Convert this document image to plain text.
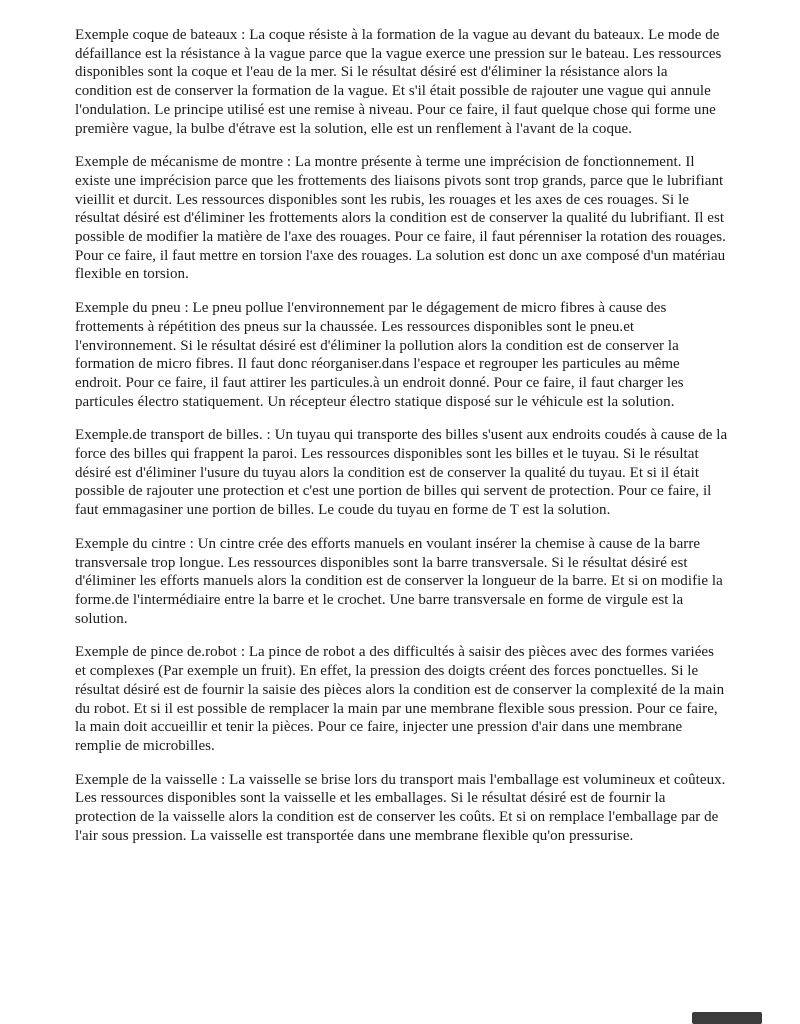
Exemple coque de bateaux : La coque résiste à la formation de la vague au devant du bateaux. Le mode de défaillance est la résistance à la vague parce que la vague exerce une pression sur le bateau. Les ressources disponibles sont la coque et l'eau de la mer. Si le résultat désiré est d'éliminer la résistance alors la condition est de conserver la formation de la vague. Et s'il était possible de rajouter une vague qui annule l'ondulation. Le principe utilisé est une remise à niveau. Pour ce faire, il faut quelque chose qui forme une première vague, la bulbe d'étrave est la solution, elle est un renflement à l'avant de la coque.

Exemple de mécanisme de montre : La montre présente à terme une imprécision de fonctionnement. Il existe une imprécision parce que les frottements des liaisons pivots sont trop grands, parce que le lubrifiant vieillit et durcit. Les ressources disponibles sont les rubis, les rouages et les axes de ces rouages. Si le résultat désiré est d'éliminer les frottements alors la condition est de conserver la qualité du lubrifiant. Il est possible de modifier la matière de l'axe des rouages. Pour ce faire, il faut pérenniser la rotation des rouages. Pour ce faire, il faut mettre en torsion l'axe des rouages. La solution est donc un axe composé d'un matériau flexible en torsion.

Exemple du pneu : Le pneu pollue l'environnement par le dégagement de micro fibres à cause des frottements à répétition des pneus sur la chaussée. Les ressources disponibles sont le pneu.et l'environnement. Si le résultat désiré est d'éliminer la pollution alors la condition est de conserver la formation de micro fibres. Il faut donc réorganiser.dans l'espace et regrouper les particules au même endroit. Pour ce faire, il faut attirer les particules.à un endroit donné. Pour ce faire, il faut charger les particules électro statiquement. Un récepteur électro statique disposé sur le véhicule est la solution.

Exemple.de transport de billes. : Un tuyau qui transporte des billes s'usent aux endroits coudés à cause de la force des billes qui frappent la paroi. Les ressources disponibles sont les billes et le tuyau. Si le résultat désiré est d'éliminer l'usure du tuyau alors la condition est de conserver la qualité du tuyau. Et si il était possible de rajouter une protection et c'est une portion de billes qui servent de protection. Pour ce faire, il faut emmagasiner une portion de billes. Le coude du tuyau en forme de T est la solution.

Exemple du cintre : Un cintre crée des efforts manuels en voulant insérer la chemise à cause de la barre transversale trop longue. Les ressources disponibles sont la barre transversale. Si le résultat désiré est d'éliminer les efforts manuels alors la condition est de conserver la longueur de la barre. Et si on modifie la forme.de l'intermédiaire entre la barre et le crochet. Une barre transversale en forme de virgule est la solution.

Exemple de pince de.robot : La pince de robot a des difficultés à saisir des pièces avec des formes variées et complexes (Par exemple un fruit). En effet, la pression des doigts créent des forces ponctuelles. Si le résultat désiré est de fournir la saisie des pièces alors la condition est de conserver la complexité de la main du robot. Et si il est possible de remplacer la main par une membrane flexible sous pression. Pour ce faire, la main doit accueillir et tenir la pièces. Pour ce faire, injecter une pression d'air dans une membrane remplie de microbilles.

Exemple de la vaisselle : La vaisselle se brise lors du transport mais l'emballage est volumineux et coûteux. Les ressources disponibles sont la vaisselle et les emballages. Si le résultat désiré est de fournir la protection de la vaisselle alors la condition est de conserver les coûts. Et si on remplace l'emballage par de l'air sous pression. La vaisselle est transportée dans une membrane flexible qu'on pressurise.
